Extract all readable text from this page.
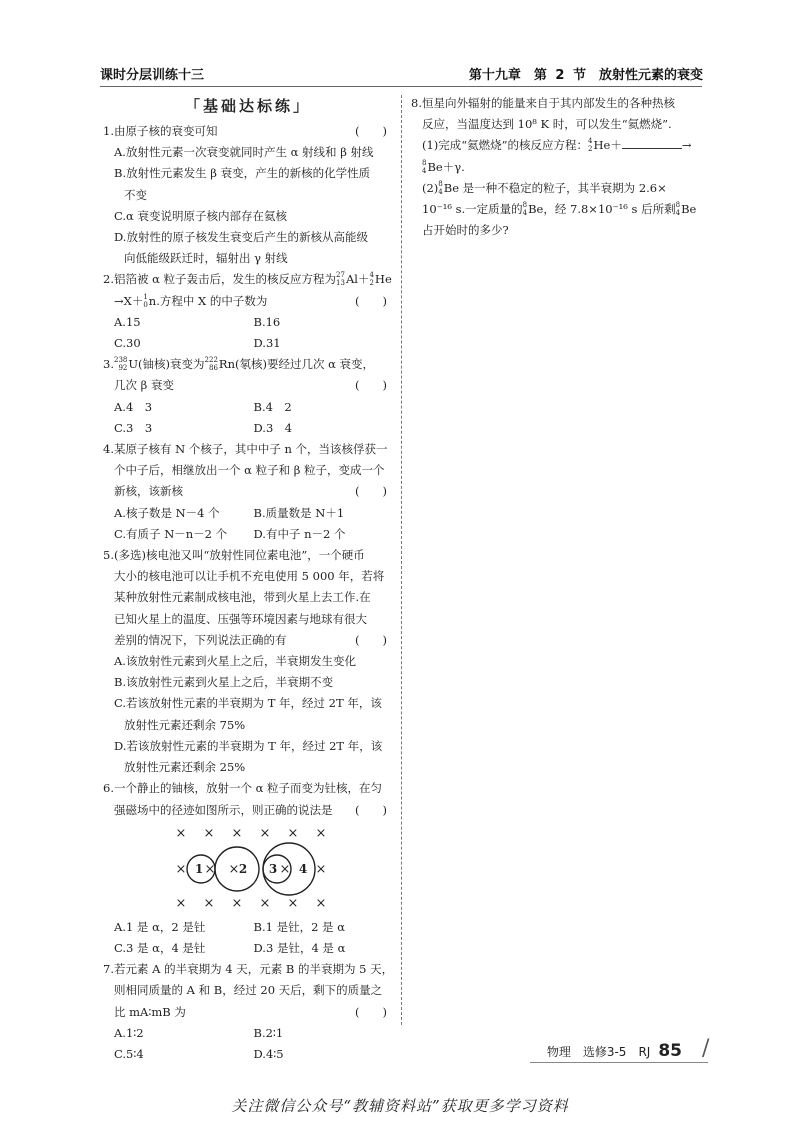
课时分层训练十三	第十九章　第 2 节　放射性元素的衰变
「基础达标练」
1.由原子核的衰变可知	(　　)
A.放射性元素一次衰变就同时产生 α 射线和 β 射线
B.放射性元素发生 β 衰变，产生的新核的化学性质
不变
C.α 衰变说明原子核内部存在氦核
D.放射性的原子核发生衰变后产生的新核从高能级
向低能级跃迁时，辐射出 γ 射线
2.铝箔被 α 粒子轰击后，发生的核反应方程为 27
13 Al＋ 4
2 He
→X＋ 1
0 n.方程中 X 的中子数为	(　　)
A.15	B.16
C.30	D.31
3. 238
92 U(铀核)衰变为 222
86 Rn(氡核)要经过几次 α 衰变，
几次 β 衰变	(　　)
A.4　3	B.4　2
C.3　3	D.3　4
4.某原子核有 N 个核子，其中中子 n 个，当该核俘获一
个中子后，相继放出一个 α 粒子和 β 粒子，变成一个
新核，该新核	(　　)
A.核子数是 N－4 个	B.质量数是 N＋1
C.有质子 N－n－2 个	D.有中子 n－2 个
5.(多选)核电池又叫“放射性同位素电池”，一个硬币
大小的核电池可以让手机不充电使用 5 000 年，若将
某种放射性元素制成核电池，带到火星上去工作.在
已知火星上的温度、压强等环境因素与地球有很大
差别的情况下，下列说法正确的有	(　　)
A.该放射性元素到火星上之后，半衰期发生变化
B.该放射性元素到火星上之后，半衰期不变
C.若该放射性元素的半衰期为 T 年，经过 2T 年，该
放射性元素还剩余 75%
D.若该放射性元素的半衰期为 T 年，经过 2T 年，该
放射性元素还剩余 25%
6.一个静止的铀核，放射一个 α 粒子而变为钍核，在匀
强磁场中的径迹如图所示，则正确的说法是 (　　)
× × × × × ×
× × × × × ×
×	×
1 × × 2 3 × 4
A.1 是 α，2 是钍	B.1 是钍，2 是 α
C.3 是 α，4 是钍	D.3 是钍，4 是 α
7.若元素 A 的半衰期为 4 天，元素 B 的半衰期为 5 天，
则相同质量的 A 和 B，经过 20 天后，剩下的质量之
比 mA∶mB 为	(　　)
A.1∶2	B.2∶1
C.5∶4	D.4∶5
8.恒星向外辐射的能量来自于其内部发生的各种热核
反应，当温度达到 10⁸ K 时，可以发生“氦燃烧”.
(1)完成“氦燃烧”的核反应方程： 4
2 He＋	→
8
4 Be＋γ.
(2) 8
4 Be 是一种不稳定的粒子，其半衰期为 2.6×
10⁻¹⁶ s.一定质量的 8
4 Be，经 7.8×10⁻¹⁶ s 后所剩 8
4 Be
占开始时的多少?
物理　选修3-5　RJ 85 /
关注微信公众号“教辅资料站”获取更多学习资料
